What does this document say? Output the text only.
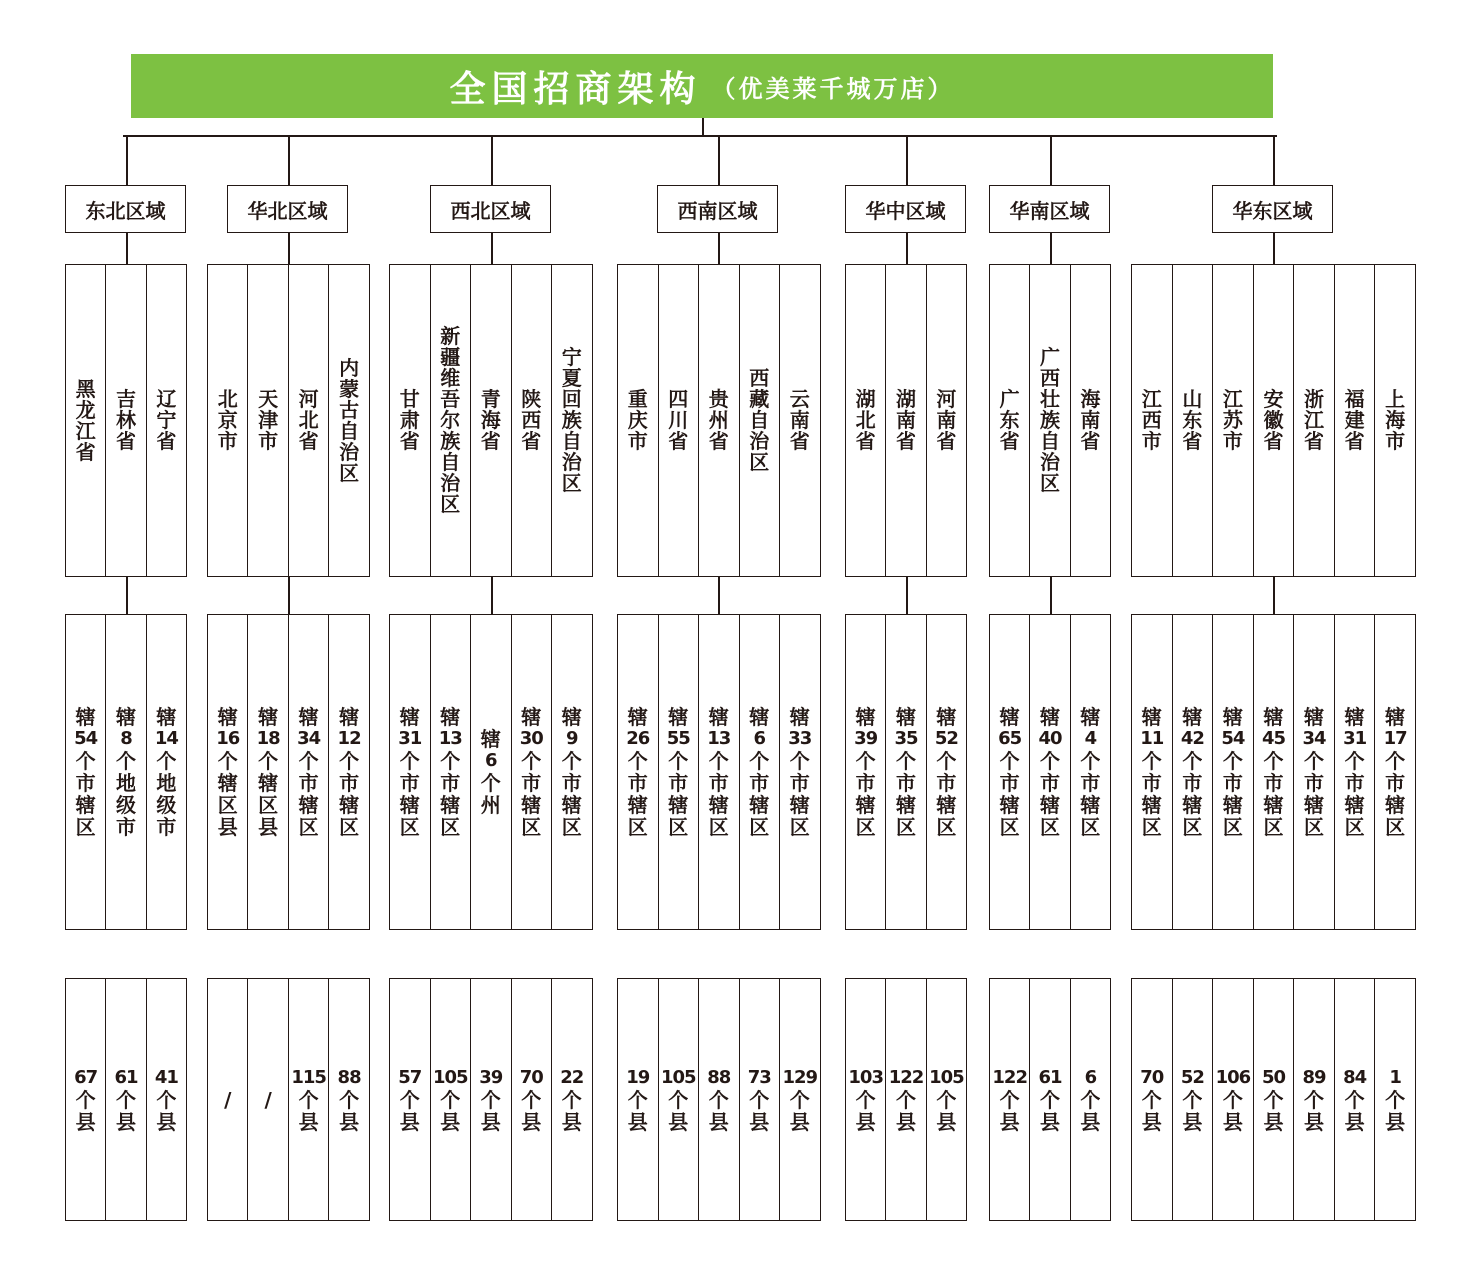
全国招商架构 （优美莱千城万店）
东北区域
黑龙江省
吉林省
辽宁省
辖
54
个
市
辖
区
辖
8
个
地
级
市
辖
14
个
地
级
市
67
个县
61
个县
41
个县
华北区域
北京市
天津市
河北省
内蒙古自治区
辖
16
个
辖
区
县
辖
18
个
辖
区
县
辖
34
个
市
辖
区
辖
12
个
市
辖
区
/ /
115
个县
88
个县
西北区域
甘肃省
新疆维吾尔族自治区
青海省
陕西省
宁夏回族自治区
辖
31
个
市
辖
区
辖
13
个
市
辖
区
辖
6
个
州
辖
30
个
市
辖
区
辖
9
个
市
辖
区
57
个县
105
个县
39
个县
70
个县
22
个县
西南区域
重庆市
四川省
贵州省
西藏自治区
云南省
辖
26
个
市
辖
区
辖
55
个
市
辖
区
辖
13
个
市
辖
区
辖
6
个
市
辖
区
辖
33
个
市
辖
区
19
个县
105
个县
88
个县
73
个县
129
个县
华中区域
湖北省
湖南省
河南省
辖
39
个
市
辖
区
辖
35
个
市
辖
区
辖
52
个
市
辖
区
103
个县
122
个县
105
个县
华南区域
广东省
广西壮族自治区
海南省
辖
65
个
市
辖
区
辖
40
个
市
辖
区
辖
4
个
市
辖
区
122
个县
61
个县
6
个县
华东区域
江西市
山东省
江苏市
安徽省
浙江省
福建省
上海市
辖
11
个
市
辖
区
辖
42
个
市
辖
区
辖
54
个
市
辖
区
辖
45
个
市
辖
区
辖
34
个
市
辖
区
辖
31
个
市
辖
区
辖
17
个
市
辖
区
70
个县
52
个县
106
个县
50
个县
89
个县
84
个县
1
个县
